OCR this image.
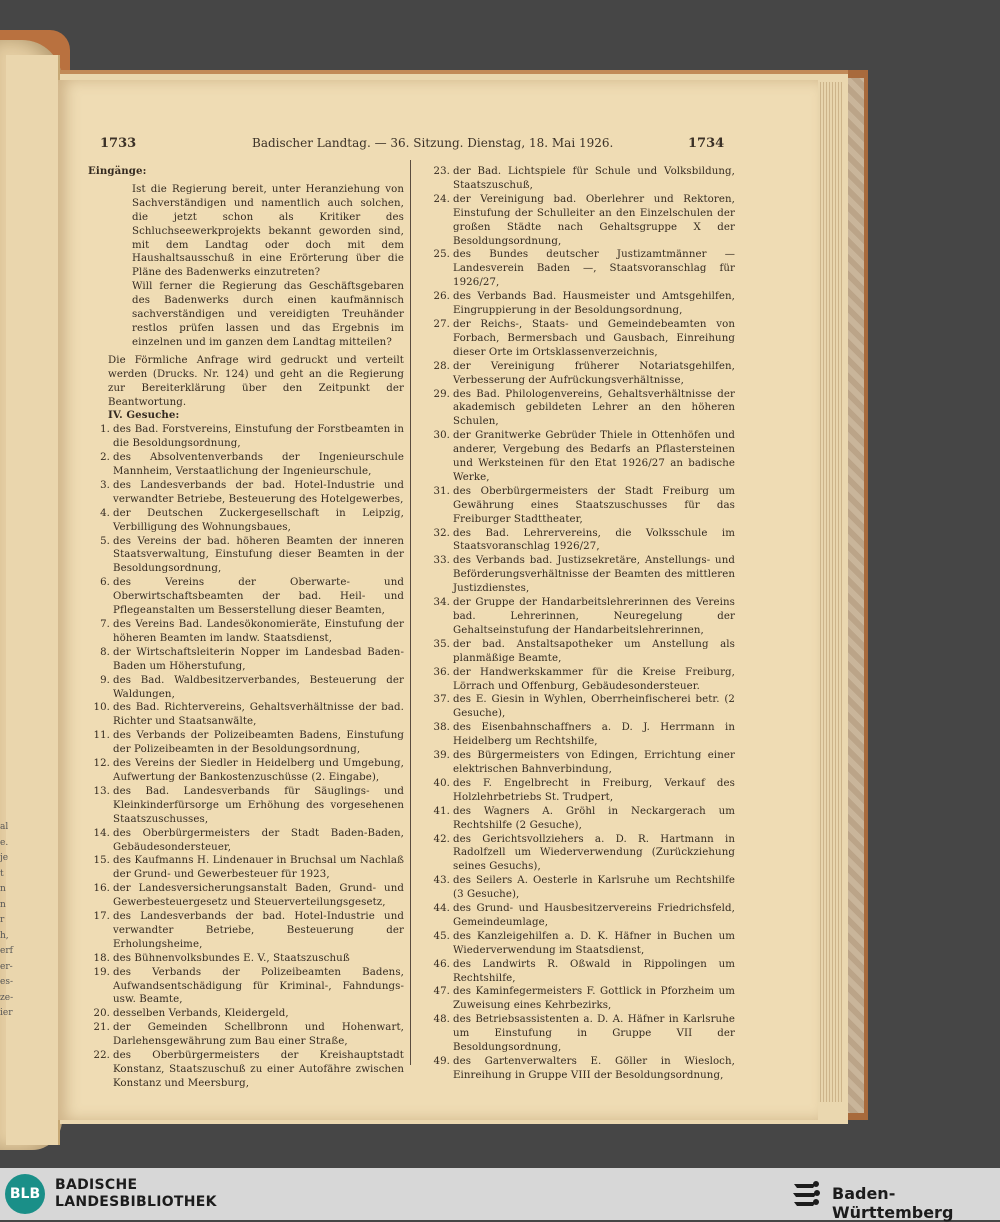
al
e.
je
t
n
n
r
h,
erf
er-
es-
ze-
ier
1733	Badischer Landtag. — 36. Sitzung. Dienstag, 18. Mai 1926.	1734

Eingänge:

Ist die Regierung bereit, unter Heranziehung von Sachverständigen und namentlich auch solchen, die jetzt schon als Kritiker des Schluchseewerkprojekts bekannt geworden sind, mit dem Landtag oder doch mit dem Haushaltsausschuß in eine Erörterung über die Pläne des Badenwerks einzutreten?

Will ferner die Regierung das Geschäftsgebaren des Badenwerks durch einen kaufmännisch sachverständigen und vereidigten Treuhänder restlos prüfen lassen und das Ergebnis im einzelnen und im ganzen dem Landtag mitteilen?

Die Förmliche Anfrage wird gedruckt und verteilt werden (Drucks. Nr. 124) und geht an die Regierung zur Bereiterklärung über den Zeitpunkt der Beantwortung.

IV. Gesuche:

1. des Bad. Forstvereins, Einstufung der Forstbeamten in die Besoldungsordnung,
2. des Absolventenverbands der Ingenieurschule Mannheim, Verstaatlichung der Ingenieurschule,
3. des Landesverbands der bad. Hotel-Industrie und verwandter Betriebe, Besteuerung des Hotelgewerbes,
4. der Deutschen Zuckergesellschaft in Leipzig, Verbilligung des Wohnungsbaues,
5. des Vereins der bad. höheren Beamten der inneren Staatsverwaltung, Einstufung dieser Beamten in der Besoldungsordnung,
6. des Vereins der Oberwarte- und Oberwirtschaftsbeamten der bad. Heil- und Pflegeanstalten um Besserstellung dieser Beamten,
7. des Vereins Bad. Landesökonomieräte, Einstufung der höheren Beamten im landw. Staatsdienst,
8. der Wirtschaftsleiterin Nopper im Landesbad Baden-Baden um Höherstufung,
9. des Bad. Waldbesitzerverbandes, Besteuerung der Waldungen,
10. des Bad. Richtervereins, Gehaltsverhältnisse der bad. Richter und Staatsanwälte,
11. des Verbands der Polizeibeamten Badens, Einstufung der Polizeibeamten in der Besoldungsordnung,
12. des Vereins der Siedler in Heidelberg und Umgebung, Aufwertung der Bankostenzuschüsse (2. Eingabe),
13. des Bad. Landesverbands für Säuglings- und Kleinkinderfürsorge um Erhöhung des vorgesehenen Staatszuschusses,
14. des Oberbürgermeisters der Stadt Baden-Baden, Gebäudesondersteuer,
15. des Kaufmanns H. Lindenauer in Bruchsal um Nachlaß der Grund- und Gewerbesteuer für 1923,
16. der Landesversicherungsanstalt Baden, Grund- und Gewerbesteuergesetz und Steuerverteilungsgesetz,
17. des Landesverbands der bad. Hotel-Industrie und verwandter Betriebe, Besteuerung der Erholungsheime,
18. des Bühnenvolksbundes E. V., Staatszuschuß
19. des Verbands der Polizeibeamten Badens, Aufwandsentschädigung für Kriminal-, Fahndungs- usw. Beamte,
20. desselben Verbands, Kleidergeld,
21. der Gemeinden Schellbronn und Hohenwart, Darlehensgewährung zum Bau einer Straße,
22. des Oberbürgermeisters der Kreishauptstadt Konstanz, Staatszuschuß zu einer Autofähre zwischen Konstanz und Meersburg,
23. der Bad. Lichtspiele für Schule und Volksbildung, Staatszuschuß,
24. der Vereinigung bad. Oberlehrer und Rektoren, Einstufung der Schulleiter an den Einzelschulen der großen Städte nach Gehaltsgruppe X der Besoldungsordnung,
25. des Bundes deutscher Justizamtmänner — Landesverein Baden —, Staatsvoranschlag für 1926/27,
26. des Verbands Bad. Hausmeister und Amtsgehilfen, Eingruppierung in der Besoldungsordnung,
27. der Reichs-, Staats- und Gemeindebeamten von Forbach, Bermersbach und Gausbach, Einreihung dieser Orte im Ortsklassenverzeichnis,
28. der Vereinigung früherer Notariatsgehilfen, Verbesserung der Aufrückungsverhältnisse,
29. des Bad. Philologenvereins, Gehaltsverhältnisse der akademisch gebildeten Lehrer an den höheren Schulen,
30. der Granitwerke Gebrüder Thiele in Ottenhöfen und anderer, Vergebung des Bedarfs an Pflastersteinen und Werksteinen für den Etat 1926/27 an badische Werke,
31. des Oberbürgermeisters der Stadt Freiburg um Gewährung eines Staatszuschusses für das Freiburger Stadttheater,
32. des Bad. Lehrervereins, die Volksschule im Staatsvoranschlag 1926/27,
33. des Verbands bad. Justizsekretäre, Anstellungs- und Beförderungsverhältnisse der Beamten des mittleren Justizdienstes,
34. der Gruppe der Handarbeitslehrerinnen des Vereins bad. Lehrerinnen, Neuregelung der Gehaltseinstufung der Handarbeitslehrerinnen,
35. der bad. Anstaltsapotheker um Anstellung als planmäßige Beamte,
36. der Handwerkskammer für die Kreise Freiburg, Lörrach und Offenburg, Gebäudesondersteuer.
37. des E. Giesin in Wyhlen, Oberrheinfischerei betr. (2 Gesuche),
38. des Eisenbahnschaffners a. D. J. Herrmann in Heidelberg um Rechtshilfe,
39. des Bürgermeisters von Edingen, Errichtung einer elektrischen Bahnverbindung,
40. des F. Engelbrecht in Freiburg, Verkauf des Holzlehrbetriebs St. Trudpert,
41. des Wagners A. Gröhl in Neckargerach um Rechtshilfe (2 Gesuche),
42. des Gerichtsvollziehers a. D. R. Hartmann in Radolfzell um Wiederverwendung (Zurückziehung seines Gesuchs),
43. des Seilers A. Oesterle in Karlsruhe um Rechtshilfe (3 Gesuche),
44. des Grund- und Hausbesitzervereins Friedrichsfeld, Gemeindeumlage,
45. des Kanzleigehilfen a. D. K. Häfner in Buchen um Wiederverwendung im Staatsdienst,
46. des Landwirts R. Oßwald in Rippolingen um Rechtshilfe,
47. des Kaminfegermeisters F. Gottlick in Pforzheim um Zuweisung eines Kehrbezirks,
48. des Betriebsassistenten a. D. A. Häfner in Karlsruhe um Einstufung in Gruppe VII der Besoldungsordnung,
49. des Gartenverwalters E. Göller in Wiesloch, Einreihung in Gruppe VIII der Besoldungsordnung,
BLB
BADISCHE
LANDESBIBLIOTHEK	Baden-Württemberg
